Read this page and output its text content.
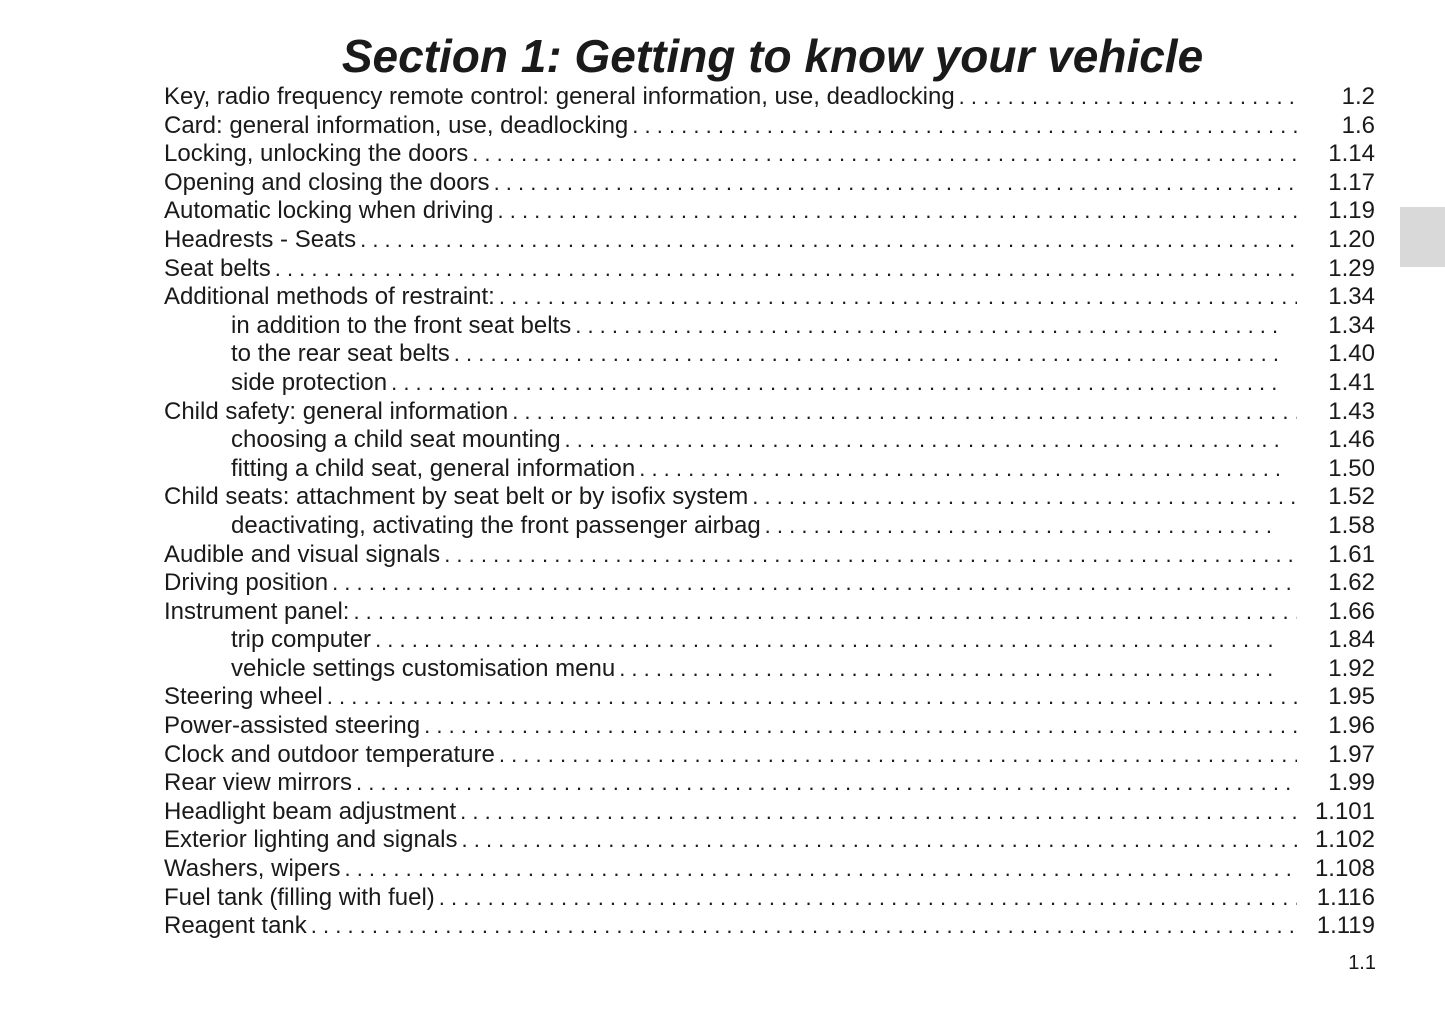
Section 1: Getting to know your vehicle
Key, radio frequency remote control: general information, use, deadlocking . . .	1.2
Card: general information, use, deadlocking . . .	1.6
Locking, unlocking the doors . . .	1.14
Opening and closing the doors . . .	1.17
Automatic locking when driving . . .	1.19
Headrests - Seats . . .	1.20
Seat belts . . .	1.29
Additional methods of restraint: . . .	1.34
in addition to the front seat belts . . .	1.34
to the rear seat belts . . .	1.40
side protection . . .	1.41
Child safety: general information . . .	1.43
choosing a child seat mounting . . .	1.46
fitting a child seat, general information . . .	1.50
Child seats: attachment by seat belt or by isofix system . . .	1.52
deactivating, activating the front passenger airbag . . .	1.58
Audible and visual signals . . .	1.61
Driving position . . .	1.62
Instrument panel: . . .	1.66
trip computer . . .	1.84
vehicle settings customisation menu . . .	1.92
Steering wheel . . .	1.95
Power-assisted steering . . .	1.96
Clock and outdoor temperature . . .	1.97
Rear view mirrors . . .	1.99
Headlight beam adjustment . . .	1.101
Exterior lighting and signals . . .	1.102
Washers, wipers . . .	1.108
Fuel tank (filling with fuel) . . .	1.116
Reagent tank . . .	1.119
1.1
